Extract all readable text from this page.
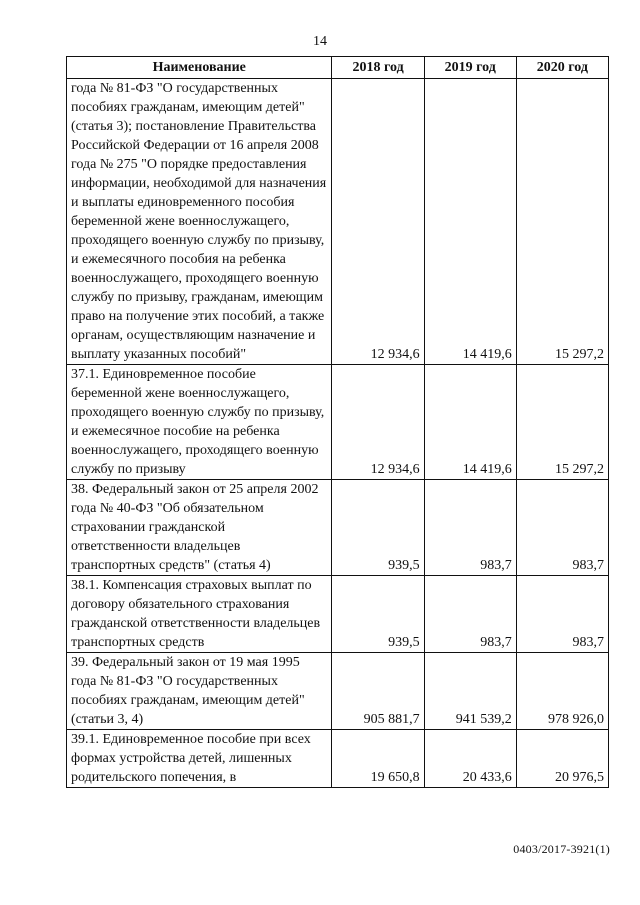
14
Наименование	2018 год	2019 год	2020 год
года № 81-ФЗ "О государственных пособиях гражданам, имеющим детей" (статья 3); постановление Правительства Российской Федерации от 16 апреля 2008 года № 275 "О порядке предоставления информации, необходимой для назначения и выплаты единовременного пособия беременной жене военнослужащего, проходящего военную службу по призыву, и ежемесячного пособия на ребенка военнослужащего, проходящего военную службу по призыву, гражданам, имеющим право на получение этих пособий, а также органам, осуществляющим назначение и выплату указанных пособий"	12 934,6	14 419,6	15 297,2
37.1. Единовременное пособие беременной жене военнослужащего, проходящего военную службу по призыву, и ежемесячное пособие на ребенка военнослужащего, проходящего военную службу по призыву	12 934,6	14 419,6	15 297,2
38. Федеральный закон от 25 апреля 2002 года № 40-ФЗ "Об обязательном страховании гражданской ответственности владельцев транспортных средств" (статья 4)	939,5	983,7	983,7
38.1. Компенсация страховых выплат по договору обязательного страхования гражданской ответственности владельцев транспортных средств	939,5	983,7	983,7
39. Федеральный закон от 19 мая 1995 года № 81-ФЗ "О государственных пособиях гражданам, имеющим детей" (статьи 3, 4)	905 881,7	941 539,2	978 926,0
39.1. Единовременное пособие при всех формах устройства детей, лишенных родительского попечения, в	19 650,8	20 433,6	20 976,5
0403/2017-3921(1)
